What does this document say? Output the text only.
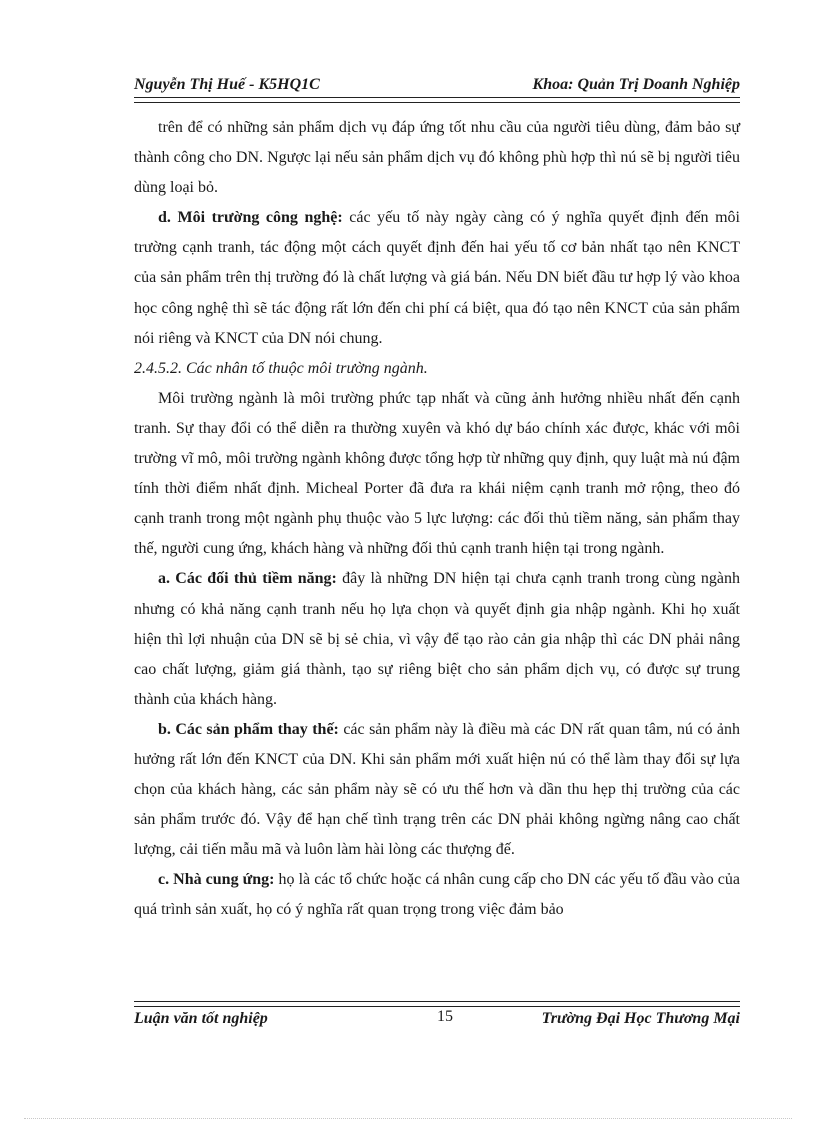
Nguyễn Thị Huế - K5HQ1C	Khoa: Quản Trị Doanh Nghiệp

trên để có những sản phẩm dịch vụ đáp ứng tốt nhu cầu của người tiêu dùng, đảm bảo sự thành công cho DN. Ngược lại nếu sản phẩm dịch vụ đó không phù hợp thì nú sẽ bị người tiêu dùng loại bỏ.

d. Môi trường công nghệ: các yếu tố này ngày càng có ý nghĩa quyết định đến môi trường cạnh tranh, tác động một cách quyết định đến hai yếu tố cơ bản nhất tạo nên KNCT của sản phẩm trên thị trường đó là chất lượng và giá bán. Nếu DN biết đầu tư hợp lý vào khoa học công nghệ thì sẽ tác động rất lớn đến chi phí cá biệt, qua đó tạo nên KNCT của sản phẩm nói riêng và KNCT của DN nói chung.

2.4.5.2. Các nhân tố thuộc môi trường ngành.

Môi trường ngành là môi trường phức tạp nhất và cũng ảnh hưởng nhiều nhất đến cạnh tranh. Sự thay đổi có thể diễn ra thường xuyên và khó dự báo chính xác được, khác với môi trường vĩ mô, môi trường ngành không được tổng hợp từ những quy định, quy luật mà nú đậm tính thời điểm nhất định. Micheal Porter đã đưa ra khái niệm cạnh tranh mở rộng, theo đó cạnh tranh trong một ngành phụ thuộc vào 5 lực lượng: các đối thủ tiềm năng, sản phẩm thay thế, người cung ứng, khách hàng và những đối thủ cạnh tranh hiện tại trong ngành.

a. Các đối thủ tiềm năng: đây là những DN hiện tại chưa cạnh tranh trong cùng ngành nhưng có khả năng cạnh tranh nếu họ lựa chọn và quyết định gia nhập ngành. Khi họ xuất hiện thì lợi nhuận của DN sẽ bị sẻ chia, vì vậy để tạo rào cản gia nhập thì các DN phải nâng cao chất lượng, giảm giá thành, tạo sự riêng biệt cho sản phẩm dịch vụ, có được sự trung thành của khách hàng.

b. Các sản phẩm thay thế: các sản phẩm này là điều mà các DN rất quan tâm, nú có ảnh hưởng rất lớn đến KNCT của DN. Khi sản phẩm mới xuất hiện nú có thể làm thay đổi sự lựa chọn của khách hàng, các sản phẩm này sẽ có ưu thế hơn và dần thu hẹp thị trường của các sản phẩm trước đó. Vậy để hạn chế tình trạng trên các DN phải không ngừng nâng cao chất lượng, cải tiến mẫu mã và luôn làm hài lòng các thượng đế.

c. Nhà cung ứng: họ là các tổ chức hoặc cá nhân cung cấp cho DN các yếu tố đầu vào của quá trình sản xuất, họ có ý nghĩa rất quan trọng trong việc đảm bảo

Luận văn tốt nghiệp	15	Trường Đại Học Thương Mại
